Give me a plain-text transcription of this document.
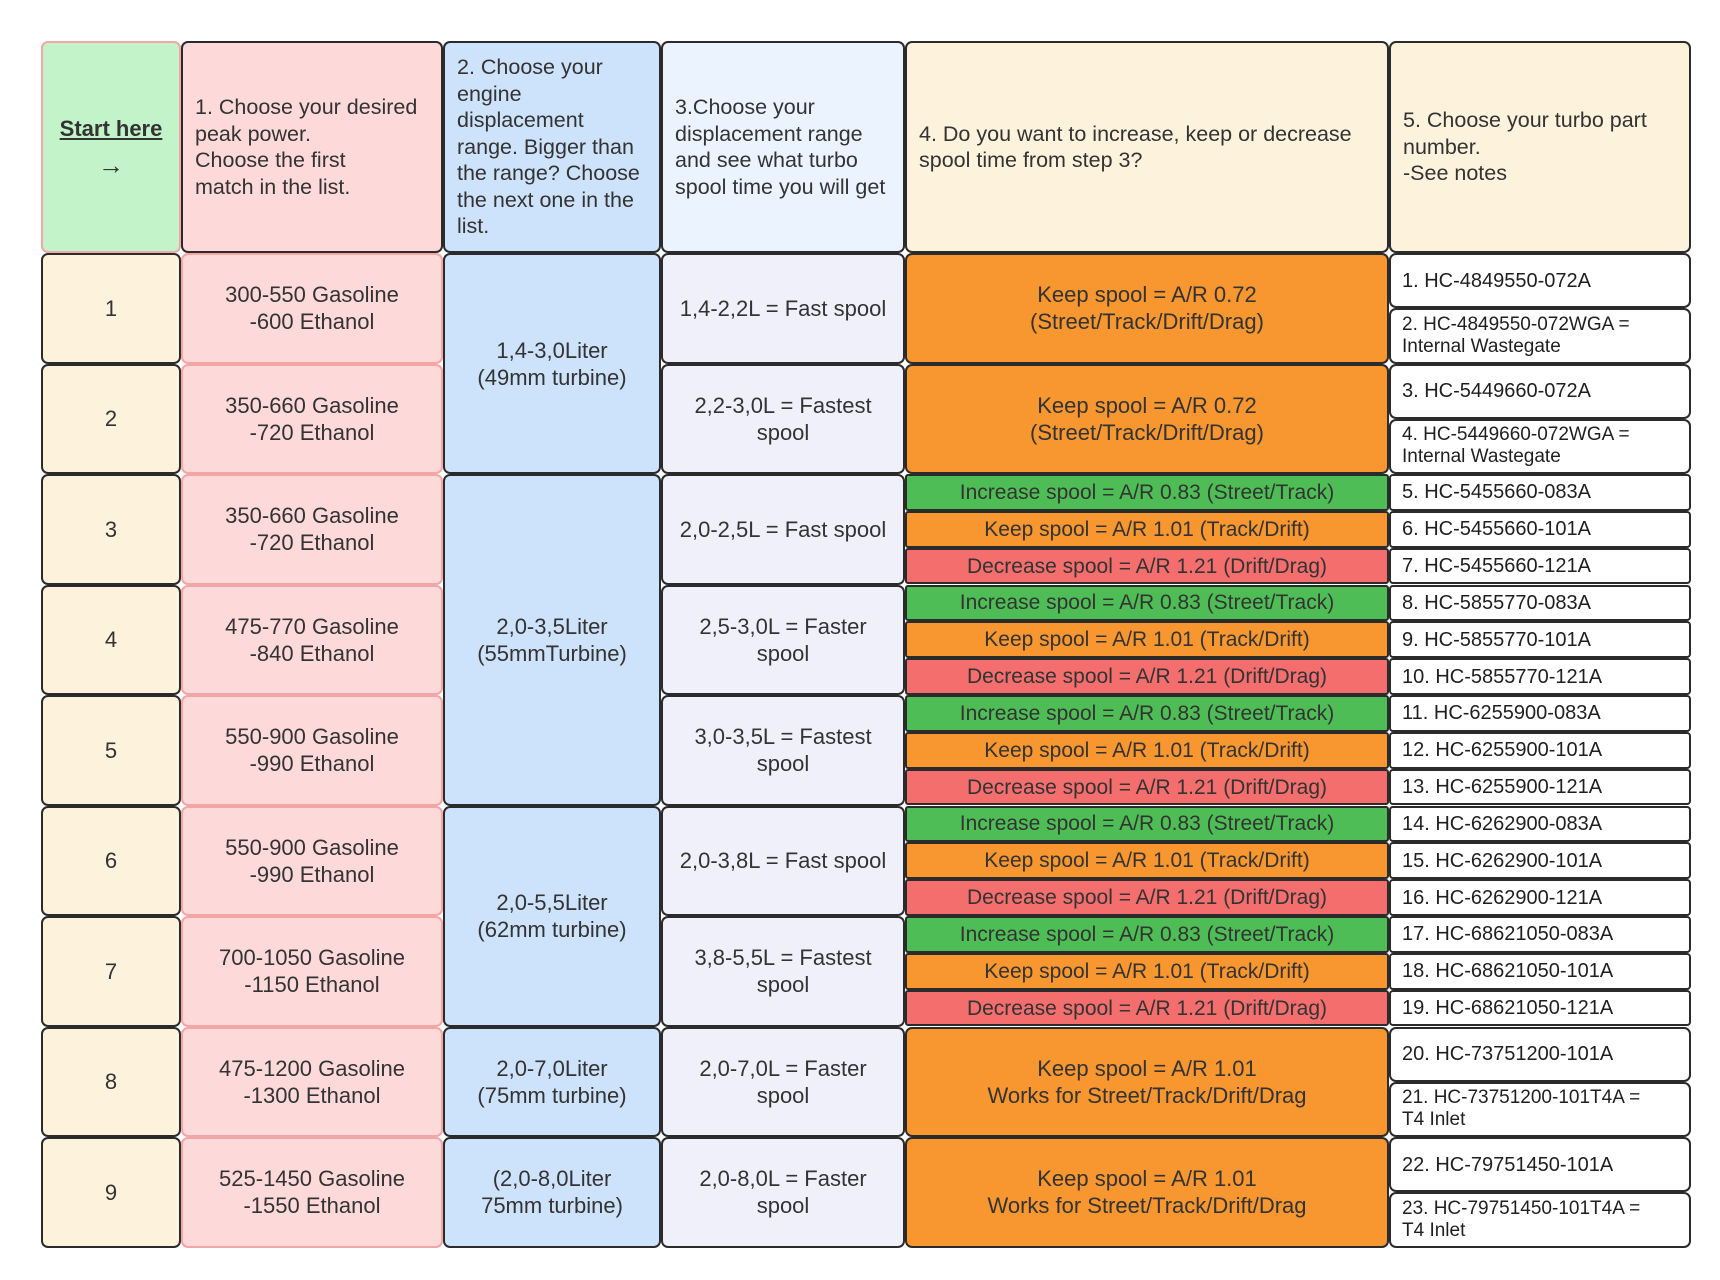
Start here
→
1. Choose your desired
peak power.
Choose the first
match in the list.
2. Choose your engine displacement range. Bigger than the range? Choose the next one in the list.
3.Choose your displacement range and see what turbo spool time you will get
4. Do you want to increase, keep or decrease spool time from step 3?
5. Choose your turbo part number.
-See notes
1
300-550 Gasoline
-600 Ethanol
1,4-2,2L = Fast spool
Keep spool = A/R 0.72
(Street/Track/Drift/Drag)
1. HC-4849550-072A
2. HC-4849550-072WGA =
Internal Wastegate
2
350-660 Gasoline
-720 Ethanol
2,2-3,0L = Fastest
spool
Keep spool = A/R 0.72
(Street/Track/Drift/Drag)
3. HC-5449660-072A
4. HC-5449660-072WGA =
Internal Wastegate
3
350-660 Gasoline
-720 Ethanol
2,0-2,5L = Fast spool
Increase spool = A/R 0.83 (Street/Track)
Keep spool = A/R 1.01 (Track/Drift)
Decrease spool = A/R 1.21 (Drift/Drag)
5. HC-5455660-083A
6. HC-5455660-101A
7. HC-5455660-121A
4
475-770 Gasoline
-840 Ethanol
2,5-3,0L = Faster
spool
Increase spool = A/R 0.83 (Street/Track)
Keep spool = A/R 1.01 (Track/Drift)
Decrease spool = A/R 1.21 (Drift/Drag)
8. HC-5855770-083A
9. HC-5855770-101A
10. HC-5855770-121A
5
550-900 Gasoline
-990 Ethanol
3,0-3,5L = Fastest
spool
Increase spool = A/R 0.83 (Street/Track)
Keep spool = A/R 1.01 (Track/Drift)
Decrease spool = A/R 1.21 (Drift/Drag)
11. HC-6255900-083A
12. HC-6255900-101A
13. HC-6255900-121A
6
550-900 Gasoline
-990 Ethanol
2,0-3,8L = Fast spool
Increase spool = A/R 0.83 (Street/Track)
Keep spool = A/R 1.01 (Track/Drift)
Decrease spool = A/R 1.21 (Drift/Drag)
14. HC-6262900-083A
15. HC-6262900-101A
16. HC-6262900-121A
7
700-1050 Gasoline
-1150 Ethanol
3,8-5,5L = Fastest
spool
Increase spool = A/R 0.83 (Street/Track)
Keep spool = A/R 1.01 (Track/Drift)
Decrease spool = A/R 1.21 (Drift/Drag)
17. HC-68621050-083A
18. HC-68621050-101A
19. HC-68621050-121A
8
475-1200 Gasoline
-1300 Ethanol
2,0-7,0L = Faster
spool
Keep spool = A/R 1.01
Works for Street/Track/Drift/Drag
20. HC-73751200-101A
21. HC-73751200-101T4A =
T4 Inlet
9
525-1450 Gasoline
-1550 Ethanol
2,0-8,0L = Faster
spool
Keep spool = A/R 1.01
Works for Street/Track/Drift/Drag
22. HC-79751450-101A
23. HC-79751450-101T4A =
T4 Inlet
1,4-3,0Liter
(49mm turbine)
2,0-3,5Liter
(55mmTurbine)
2,0-5,5Liter
(62mm turbine)
2,0-7,0Liter
(75mm turbine)
(2,0-8,0Liter
75mm turbine)
